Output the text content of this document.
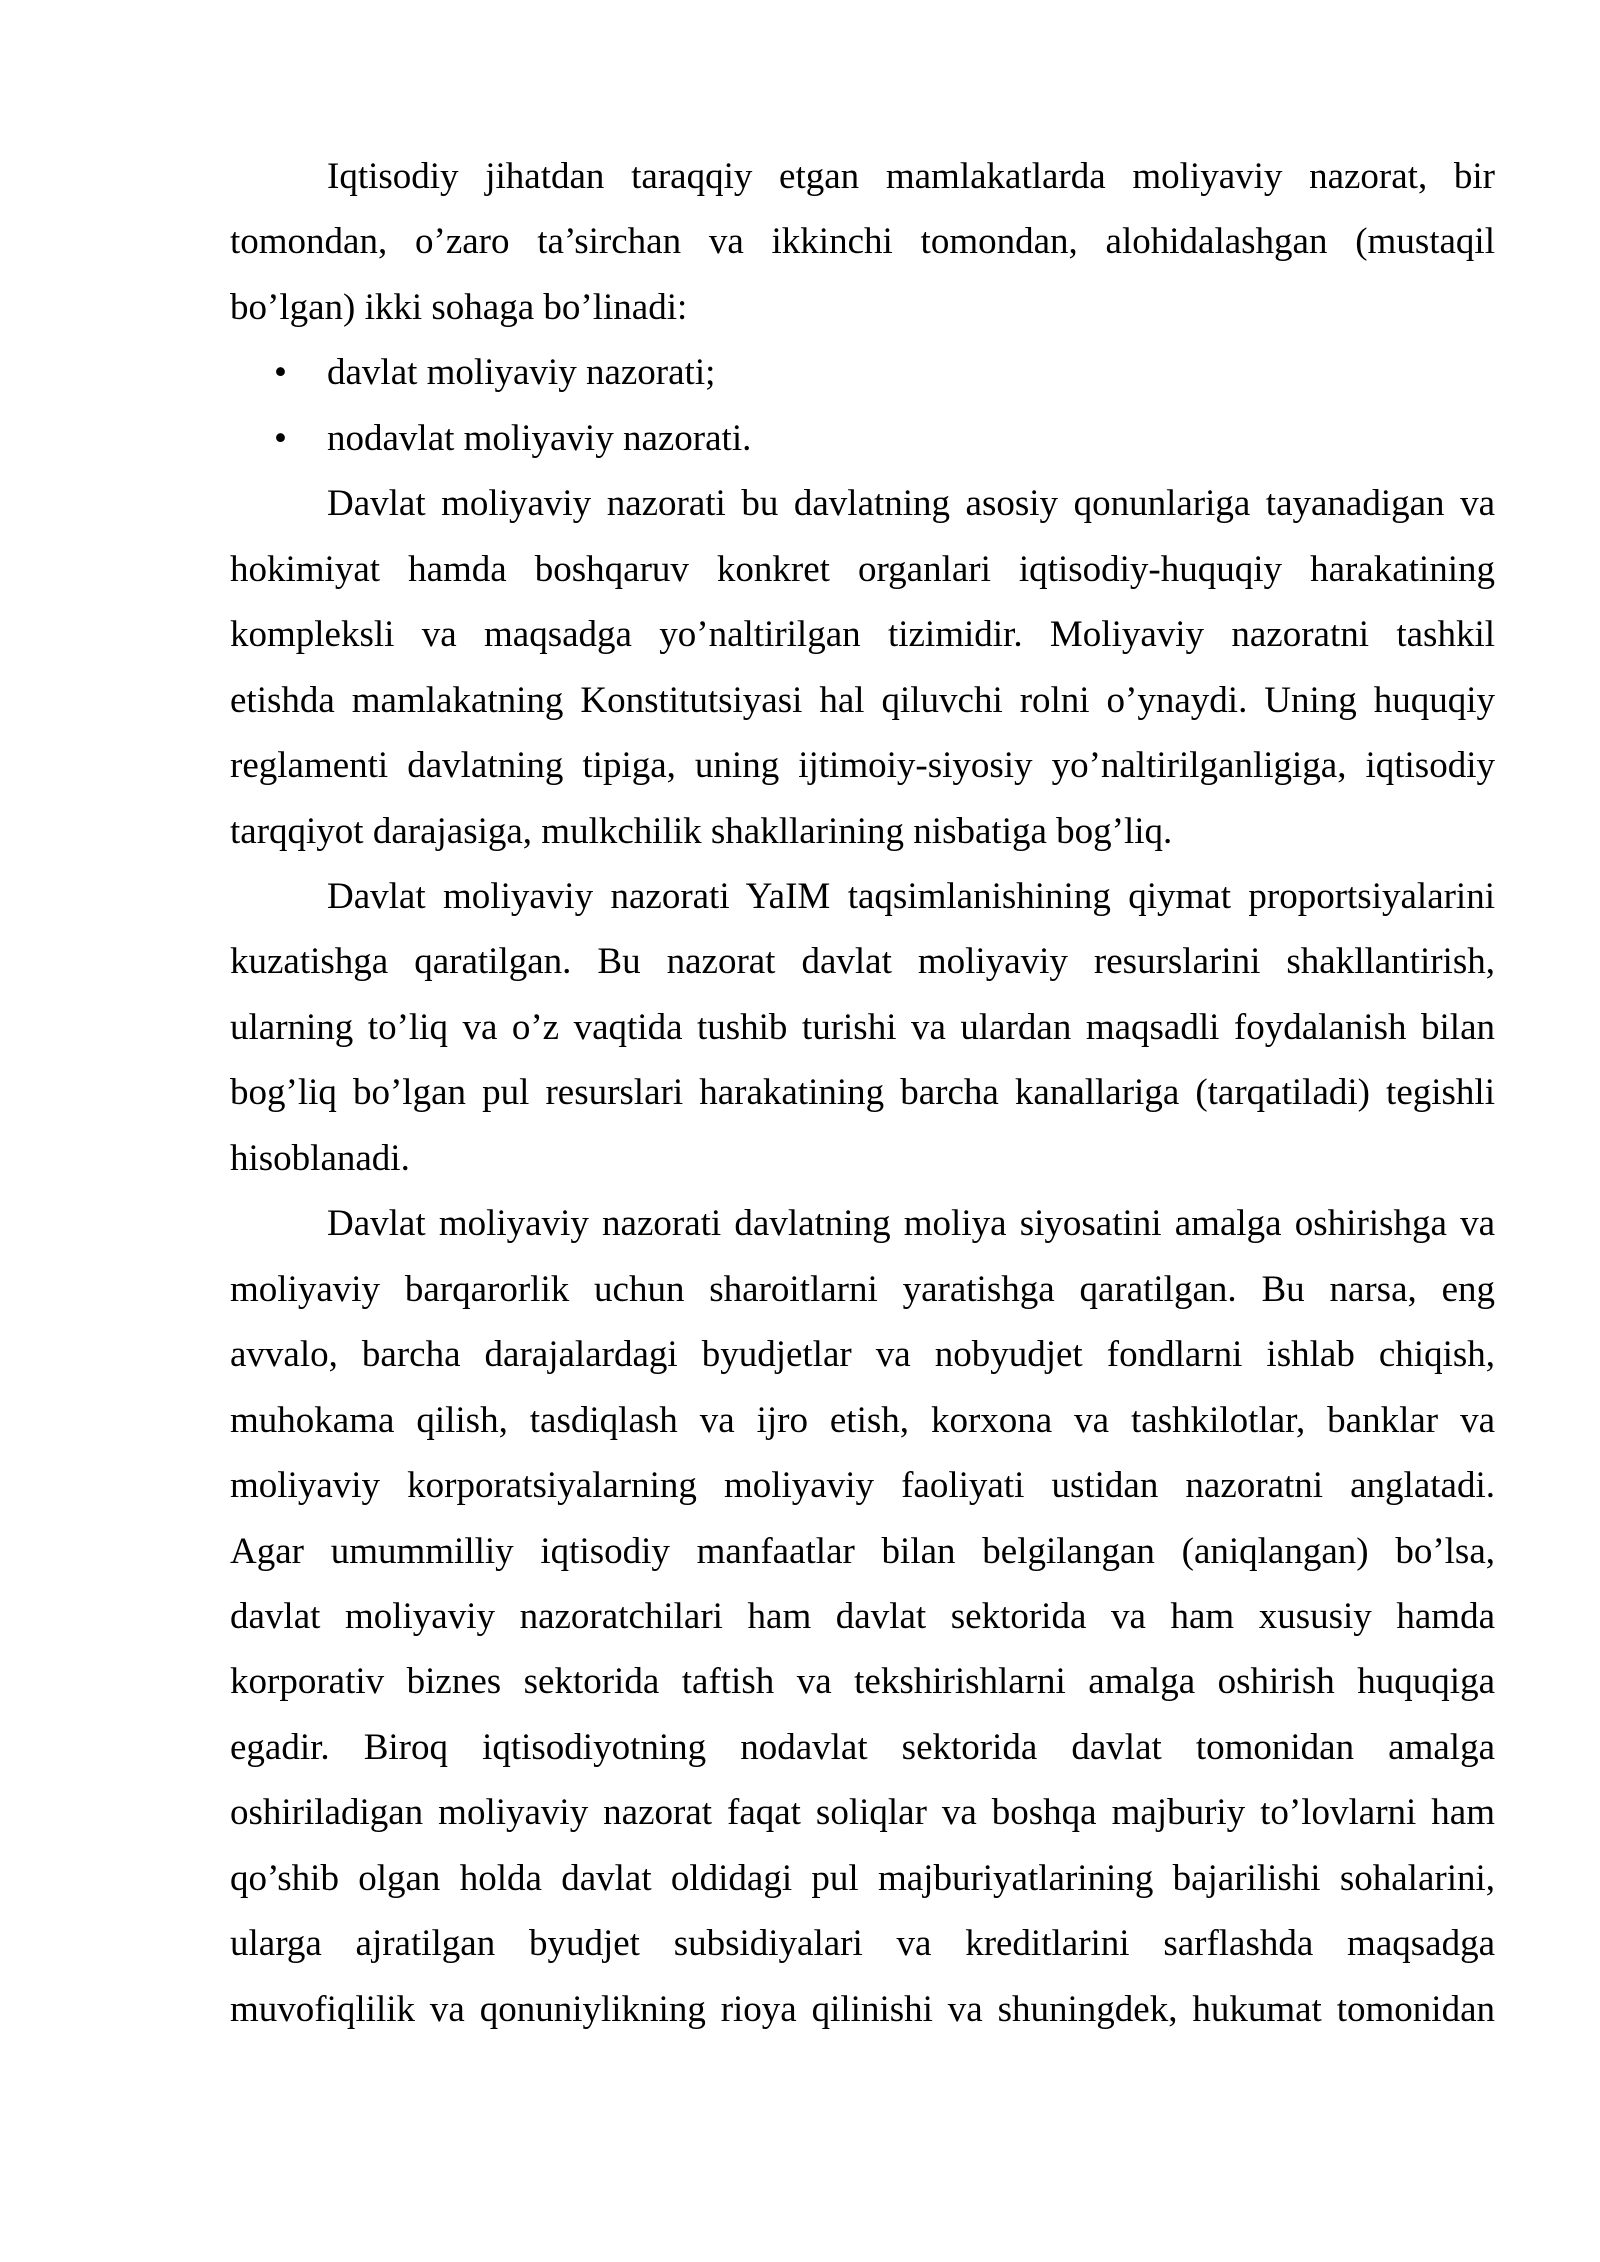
Iqtisodiy jihatdan taraqqiy etgan mamlakatlarda moliyaviy nazorat, bir
tomondan, o’zaro ta’sirchan va ikkinchi tomondan, alohidalashgan (mustaqil
bo’lgan) ikki sohaga bo’linadi:
• davlat moliyaviy nazorati;
• nodavlat moliyaviy nazorati.
Davlat moliyaviy nazorati bu davlatning asosiy qonunlariga tayanadigan va
hokimiyat hamda boshqaruv konkret organlari iqtisodiy-huquqiy harakatining
kompleksli va maqsadga yo’naltirilgan tizimidir. Moliyaviy nazoratni tashkil
etishda mamlakatning Konstitutsiyasi hal qiluvchi rolni o’ynaydi. Uning huquqiy
reglamenti davlatning tipiga, uning ijtimoiy-siyosiy yo’naltirilganligiga, iqtisodiy
tarqqiyot darajasiga, mulkchilik shakllarining nisbatiga bog’liq.
Davlat moliyaviy nazorati YaIM taqsimlanishining qiymat proportsiyalarini
kuzatishga qaratilgan. Bu nazorat davlat moliyaviy resurslarini shakllantirish,
ularning to’liq va o’z vaqtida tushib turishi va ulardan maqsadli foydalanish bilan
bog’liq bo’lgan pul resurslari harakatining barcha kanallariga (tarqatiladi) tegishli
hisoblanadi.
Davlat moliyaviy nazorati davlatning moliya siyosatini amalga oshirishga va
moliyaviy barqarorlik uchun sharoitlarni yaratishga qaratilgan. Bu narsa, eng
avvalo, barcha darajalardagi byudjetlar va nobyudjet fondlarni ishlab chiqish,
muhokama qilish, tasdiqlash va ijro etish, korxona va tashkilotlar, banklar va
moliyaviy korporatsiyalarning moliyaviy faoliyati ustidan nazoratni anglatadi.
Agar umummilliy iqtisodiy manfaatlar bilan belgilangan (aniqlangan) bo’lsa,
davlat moliyaviy nazoratchilari ham davlat sektorida va ham xususiy hamda
korporativ biznes sektorida taftish va tekshirishlarni amalga oshirish huquqiga
egadir. Biroq iqtisodiyotning nodavlat sektorida davlat tomonidan amalga
oshiriladigan moliyaviy nazorat faqat soliqlar va boshqa majburiy to’lovlarni ham
qo’shib olgan holda davlat oldidagi pul majburiyatlarining bajarilishi sohalarini,
ularga ajratilgan byudjet subsidiyalari va kreditlarini sarflashda maqsadga
muvofiqlilik va qonuniylikning rioya qilinishi va shuningdek, hukumat tomonidan
